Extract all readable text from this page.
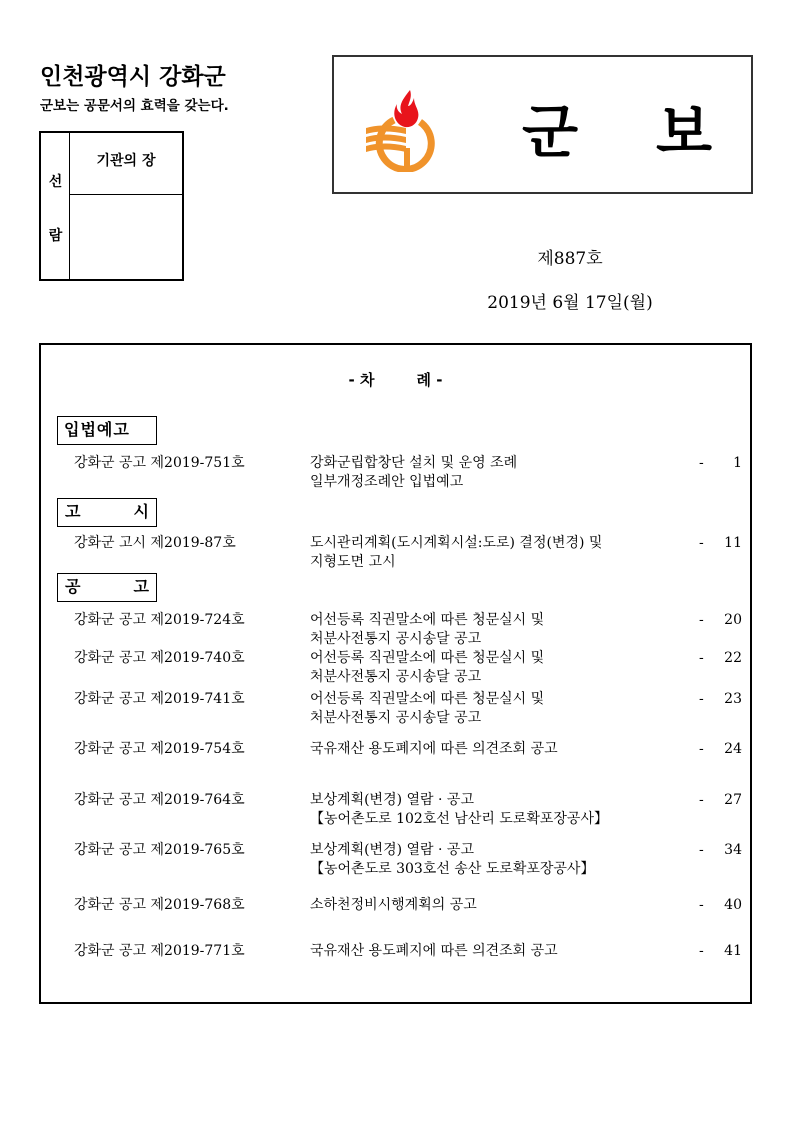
인천광역시 강화군
군보는 공문서의 효력을 갖는다.
선
람
기관의 장	군 보
제887호
2019년 6월 17일(월)
- 차	례 -
입법예고
강화군 공고 제2019-751호	강화군립합창단 설치 및 운영 조례
일부개정조례안 입법예고
- 1
고	시
강화군 고시 제2019-87호	도시관리계획(도시계획시설:도로) 결정(변경) 및
지형도면 고시
- 11
공	고
강화군 공고 제2019-724호	어선등록 직권말소에 따른 청문실시 및
처분사전통지 공시송달 공고
- 20
강화군 공고 제2019-740호	어선등록 직권말소에 따른 청문실시 및
처분사전통지 공시송달 공고
- 22
강화군 공고 제2019-741호	어선등록 직권말소에 따른 청문실시 및
처분사전통지 공시송달 공고
- 23
강화군 공고 제2019-754호	국유재산 용도폐지에 따른 의견조회 공고	- 24
강화군 공고 제2019-764호	보상계획(변경) 열람 · 공고
【농어촌도로 102호선 남산리 도로확포장공사】
- 27
강화군 공고 제2019-765호	보상계획(변경) 열람 · 공고
【농어촌도로 303호선 송산 도로확포장공사】
- 34
강화군 공고 제2019-768호	소하천정비시행계획의 공고	- 40
강화군 공고 제2019-771호	국유재산 용도폐지에 따른 의견조회 공고	- 41
